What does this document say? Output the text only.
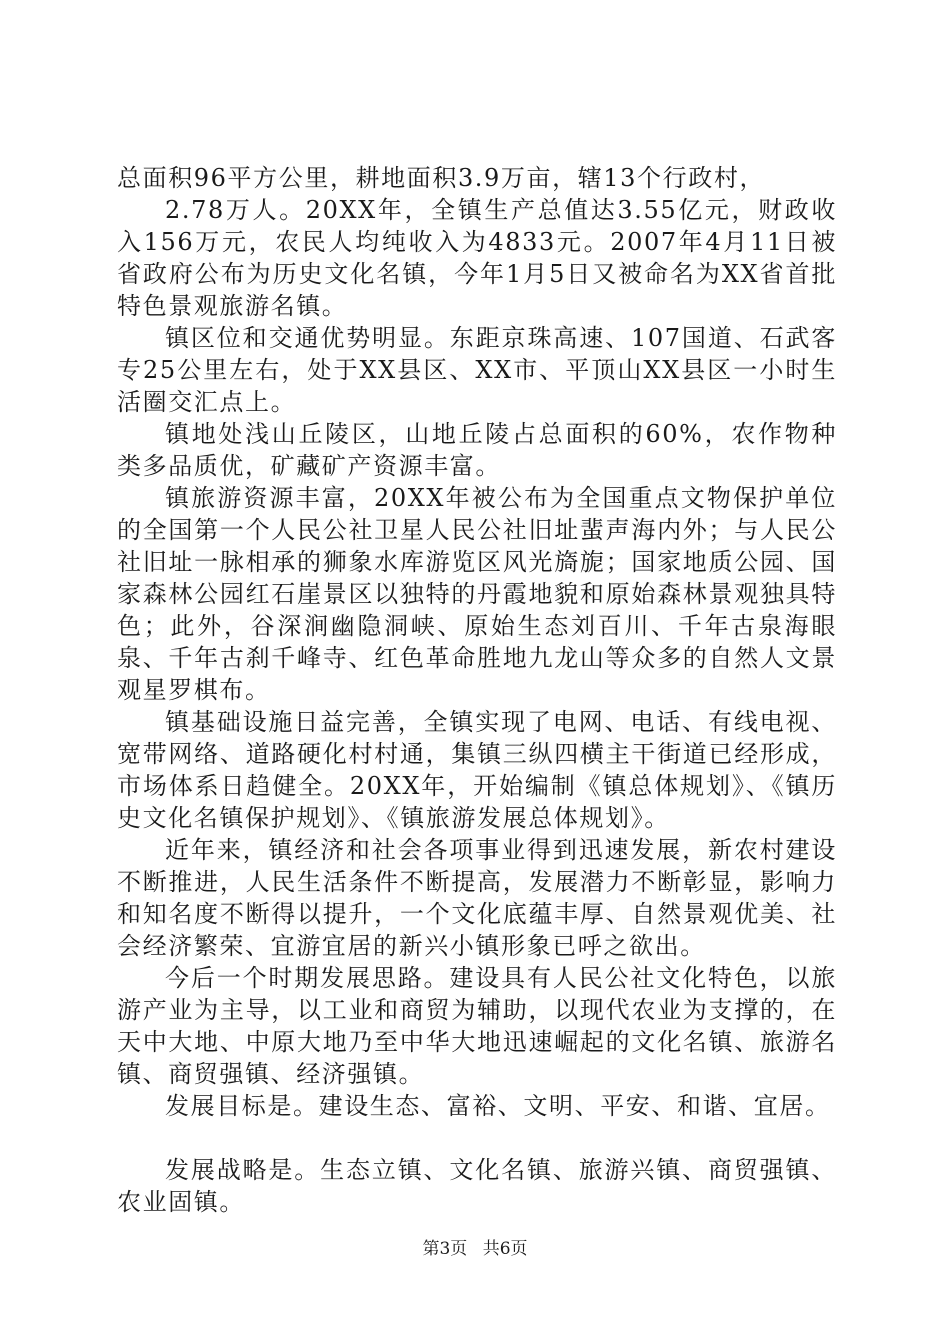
总面积96平方公里，耕地面积3.9万亩，辖13个行政村，

2.78万人。20XX年，全镇生产总值达3.55亿元，财政收入156万元，农民人均纯收入为4833元。2007年4月11日被省政府公布为历史文化名镇，今年1月5日又被命名为XX省首批特色景观旅游名镇。

镇区位和交通优势明显。东距京珠高速、107国道、石武客专25公里左右，处于XX县区、XX市、平顶山XX县区一小时生活圈交汇点上。

镇地处浅山丘陵区，山地丘陵占总面积的60%，农作物种类多品质优，矿藏矿产资源丰富。

镇旅游资源丰富，20XX年被公布为全国重点文物保护单位的全国第一个人民公社卫星人民公社旧址蜚声海内外；与人民公社旧址一脉相承的狮象水库游览区风光旖旎；国家地质公园、国家森林公园红石崖景区以独特的丹霞地貌和原始森林景观独具特色；此外，谷深涧幽隐洞峡、原始生态刘百川、千年古泉海眼泉、千年古刹千峰寺、红色革命胜地九龙山等众多的自然人文景观星罗棋布。

镇基础设施日益完善，全镇实现了电网、电话、有线电视、宽带网络、道路硬化村村通，集镇三纵四横主干街道已经形成，市场体系日趋健全。20XX年，开始编制《镇总体规划》、《镇历史文化名镇保护规划》、《镇旅游发展总体规划》。

近年来，镇经济和社会各项事业得到迅速发展，新农村建设不断推进，人民生活条件不断提高，发展潜力不断彰显，影响力和知名度不断得以提升，一个文化底蕴丰厚、自然景观优美、社会经济繁荣、宜游宜居的新兴小镇形象已呼之欲出。

今后一个时期发展思路。建设具有人民公社文化特色，以旅游产业为主导，以工业和商贸为辅助，以现代农业为支撑的，在天中大地、中原大地乃至中华大地迅速崛起的文化名镇、旅游名镇、商贸强镇、经济强镇。

发展目标是。建设生态、富裕、文明、平安、和谐、宜居。

发展战略是。生态立镇、文化名镇、旅游兴镇、商贸强镇、农业固镇。

第3页 共6页
